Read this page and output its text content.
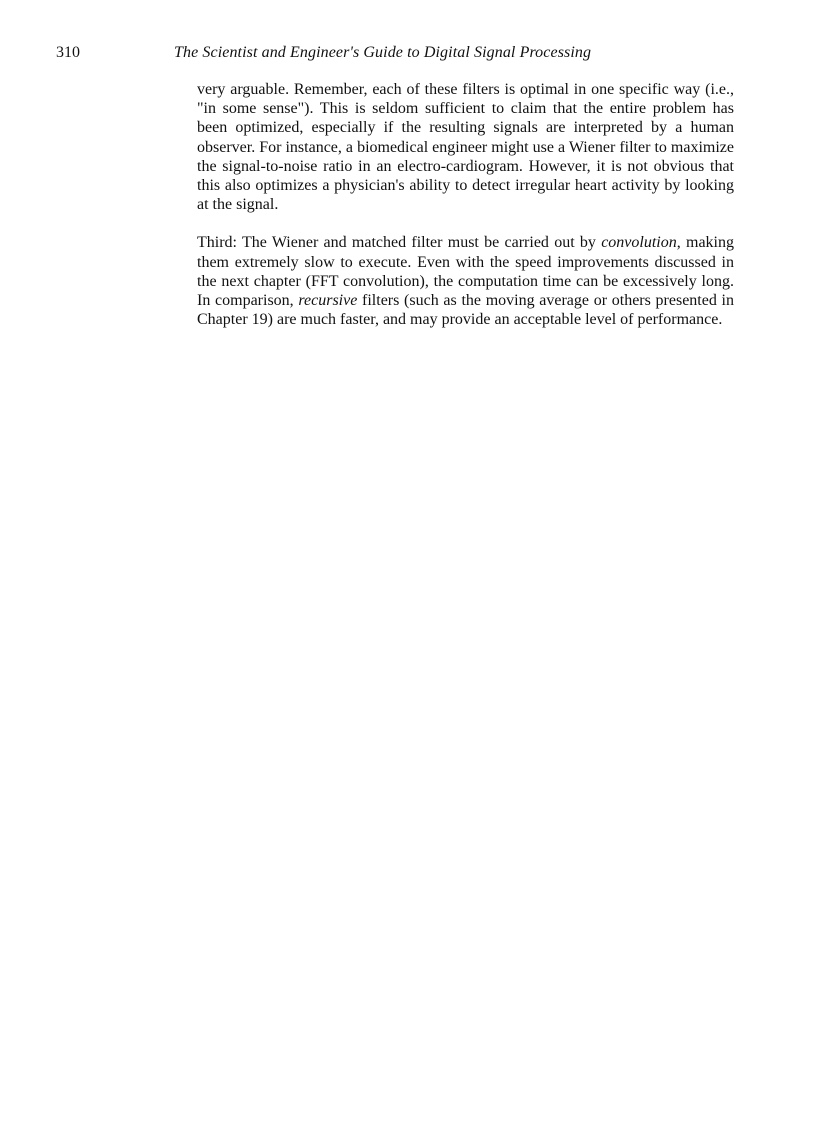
310	The Scientist and Engineer's Guide to Digital Signal Processing

very arguable. Remember, each of these filters is optimal in one specific way (i.e., "in some sense"). This is seldom sufficient to claim that the entire problem has been optimized, especially if the resulting signals are interpreted by a human observer. For instance, a biomedical engineer might use a Wiener filter to maximize the signal-to-noise ratio in an electro-cardiogram. However, it is not obvious that this also optimizes a physician's ability to detect irregular heart activity by looking at the signal.

Third: The Wiener and matched filter must be carried out by convolution, making them extremely slow to execute. Even with the speed improvements discussed in the next chapter (FFT convolution), the computation time can be excessively long. In comparison, recursive filters (such as the moving average or others presented in Chapter 19) are much faster, and may provide an acceptable level of performance.
